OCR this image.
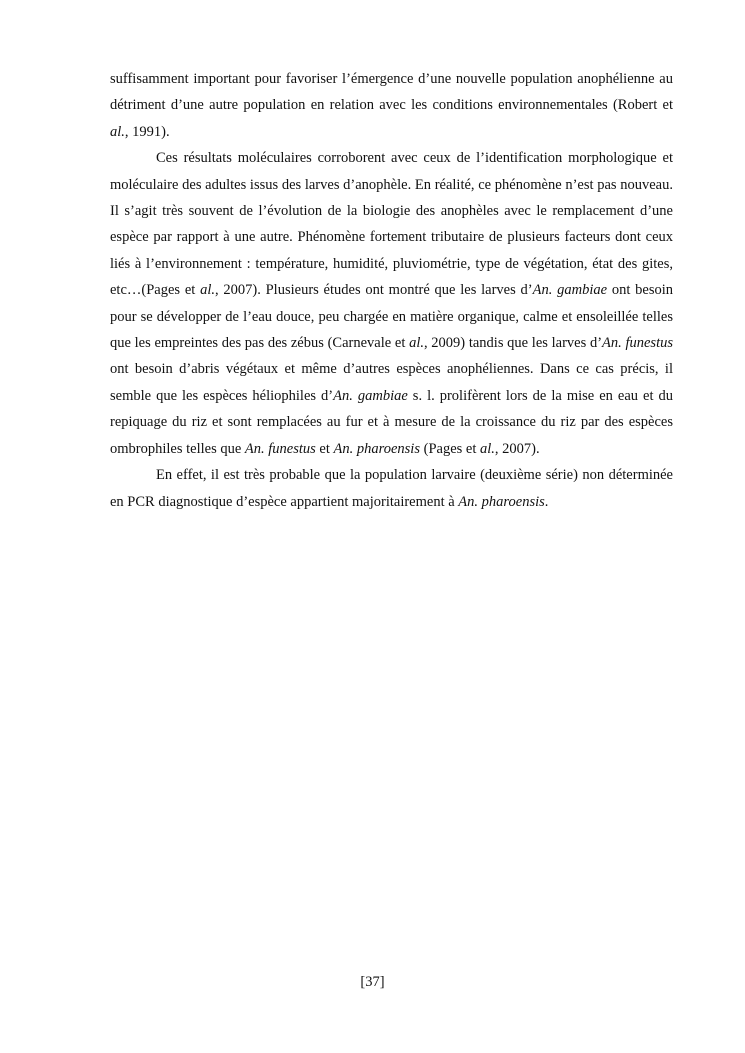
suffisamment important pour favoriser l’émergence d’une nouvelle population anophélienne au détriment d’une autre population en relation avec les conditions environnementales (Robert et al., 1991).

Ces résultats moléculaires corroborent avec ceux de l’identification morphologique et moléculaire des adultes issus des larves d’anophèle. En réalité, ce phénomène n’est pas nouveau. Il s’agit très souvent de l’évolution de la biologie des anophèles avec le remplacement d’une espèce par rapport à une autre. Phénomène fortement tributaire de plusieurs facteurs dont ceux liés à l’environnement : température, humidité, pluviométrie, type de végétation, état des gites, etc…(Pages et al., 2007). Plusieurs études ont montré que les larves d’An. gambiae ont besoin pour se développer de l’eau douce, peu chargée en matière organique, calme et ensoleillée telles que les empreintes des pas des zébus (Carnevale et al., 2009) tandis que les larves d’An. funestus ont besoin d’abris végétaux et même d’autres espèces anophéliennes. Dans ce cas précis, il semble que les espèces héliophiles d’An. gambiae s. l. prolifèrent lors de la mise en eau et du repiquage du riz et sont remplacées au fur et à mesure de la croissance du riz par des espèces ombrophiles telles que An. funestus et An. pharoensis (Pages et al., 2007).

En effet, il est très probable que la population larvaire (deuxième série) non déterminée en PCR diagnostique d’espèce appartient majoritairement à An. pharoensis.

[37]
